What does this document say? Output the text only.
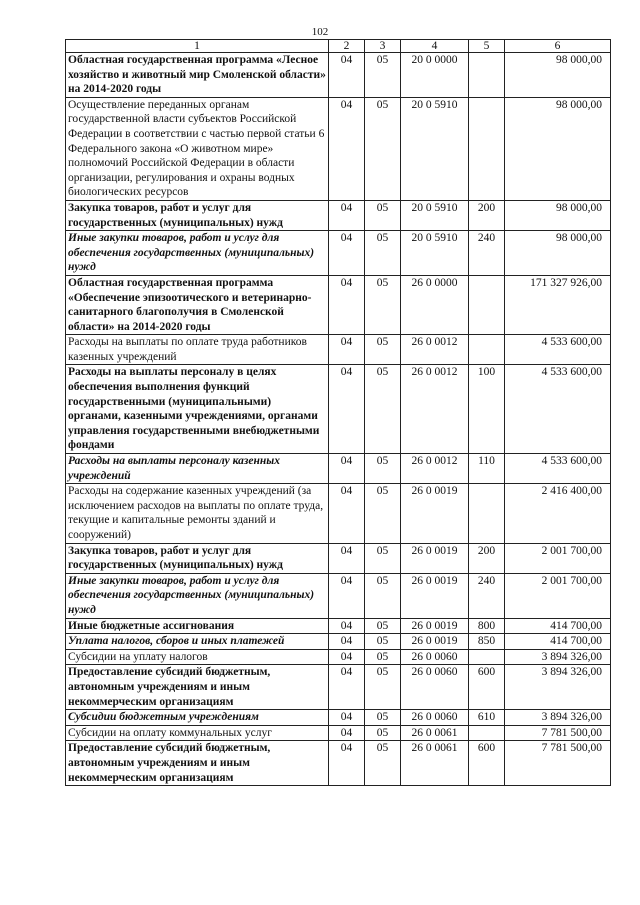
102
1	2	3	4	5	6
Областная государственная программа «Лесное хозяйство и животный мир Смоленской области» на 2014-2020 годы	04	05	20 0 0000		98 000,00
Осуществление переданных органам государственной власти субъектов Российской Федерации в соответствии с частью первой статьи 6 Федерального закона «О животном мире» полномочий Российской Федерации в области организации, регулирования и охраны водных биологических ресурсов	04	05	20 0 5910		98 000,00
Закупка товаров, работ и услуг для государственных (муниципальных) нужд	04	05	20 0 5910	200	98 000,00
Иные закупки товаров, работ и услуг для обеспечения государственных (муниципальных) нужд	04	05	20 0 5910	240	98 000,00
Областная государственная программа «Обеспечение эпизоотического и ветеринарно-санитарного благополучия в Смоленской области» на 2014-2020 годы	04	05	26 0 0000		171 327 926,00
Расходы на выплаты по оплате труда работников казенных учреждений	04	05	26 0 0012		4 533 600,00
Расходы на выплаты персоналу в целях обеспечения выполнения функций государственными (муниципальными) органами, казенными учреждениями, органами управления государственными внебюджетными фондами	04	05	26 0 0012	100	4 533 600,00
Расходы на выплаты персоналу казенных учреждений	04	05	26 0 0012	110	4 533 600,00
Расходы на содержание казенных учреждений (за исключением расходов на выплаты по оплате труда, текущие и капитальные ремонты зданий и сооружений)	04	05	26 0 0019		2 416 400,00
Закупка товаров, работ и услуг для государственных (муниципальных) нужд	04	05	26 0 0019	200	2 001 700,00
Иные закупки товаров, работ и услуг для обеспечения государственных (муниципальных) нужд	04	05	26 0 0019	240	2 001 700,00
Иные бюджетные ассигнования	04	05	26 0 0019	800	414 700,00
Уплата налогов, сборов и иных платежей	04	05	26 0 0019	850	414 700,00
Субсидии на уплату налогов	04	05	26 0 0060		3 894 326,00
Предоставление субсидий бюджетным, автономным учреждениям и иным некоммерческим организациям	04	05	26 0 0060	600	3 894 326,00
Субсидии бюджетным учреждениям	04	05	26 0 0060	610	3 894 326,00
Субсидии на оплату коммунальных услуг	04	05	26 0 0061		7 781 500,00
Предоставление субсидий бюджетным, автономным учреждениям и иным некоммерческим организациям	04	05	26 0 0061	600	7 781 500,00
